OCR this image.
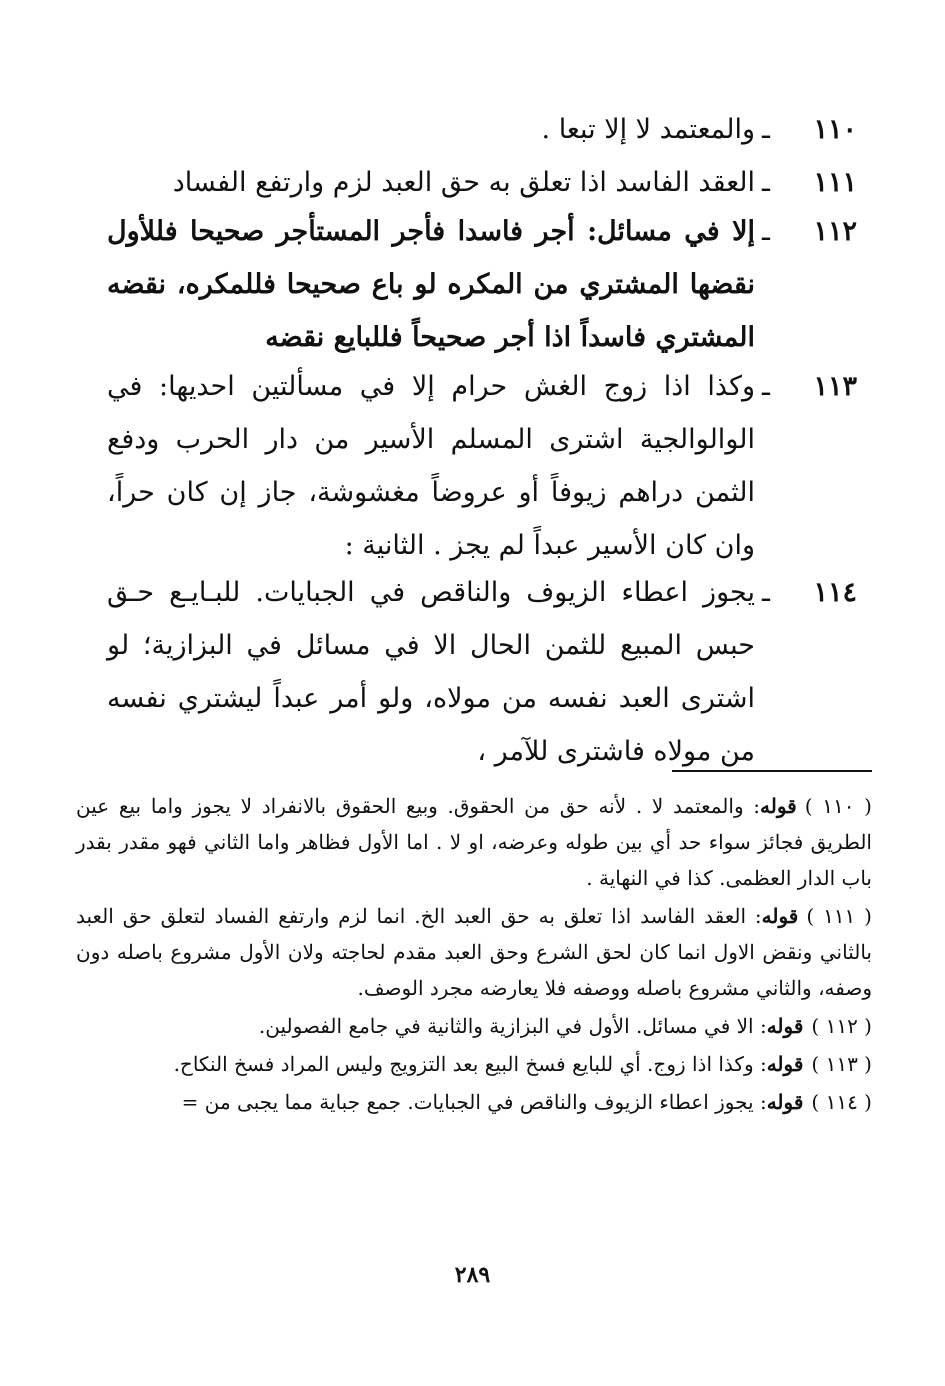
١١٠
ـ
والمعتمد لا إلا تبعا .
١١١
ـ
العقد الفاسد اذا تعلق به حق العبد لزم وارتفع الفساد
١١٢
ـ
إلا في مسائل: أجر فاسدا فأجر المستأجر صحيحا فللأول نقضها المشتري من المكره لو باع صحيحا فللمكره، نقضه المشتري فاسداً اذا أجر صحيحاً فللبايع نقضه
١١٣
ـ
وكذا اذا زوج الغش حرام إلا في مسألتين احديها: في الوالوالجية اشترى المسلم الأسير من دار الحرب ودفع الثمن دراهم زيوفاً أو عروضاً مغشوشة، جاز إن كان حراً، وان كان الأسير عبداً لم يجز . الثانية :
١١٤
ـ
يجوز اعطاء الزيوف والناقص في الجبايات. للبـايـع حـق حبس المبيع للثمن الحال الا في مسائل في البزازية؛ لو اشترى العبد نفسه من مولاه، ولو أمر عبداً ليشتري نفسه من مولاه فاشترى للآمر ،
( ١١٠ )قوله: والمعتمد لا . لأنه حق من الحقوق. وبيع الحقوق بالانفراد لا يجوز واما بيع عين الطريق فجائز سواء حد أي بين طوله وعرضه، او لا . اما الأول فظاهر واما الثاني فهو مقدر بقدر باب الدار العظمى. كذا في النهاية .
( ١١١ )قوله: العقد الفاسد اذا تعلق به حق العبد الخ. انما لزم وارتفع الفساد لتعلق حق العبد بالثاني ونقض الاول انما كان لحق الشرع وحق العبد مقدم لحاجته ولان الأول مشروع باصله دون وصفه، والثاني مشروع باصله ووصفه فلا يعارضه مجرد الوصف.
( ١١٢ )قوله: الا في مسائل. الأول في البزازية والثانية في جامع الفصولين.
( ١١٣ )قوله: وكذا اذا زوج. أي للبايع فسخ البيع بعد التزويج وليس المراد فسخ النكاح.
( ١١٤ )قوله: يجوز اعطاء الزيوف والناقص في الجبايات. جمع جباية مما يجبى من =
٢٨٩
